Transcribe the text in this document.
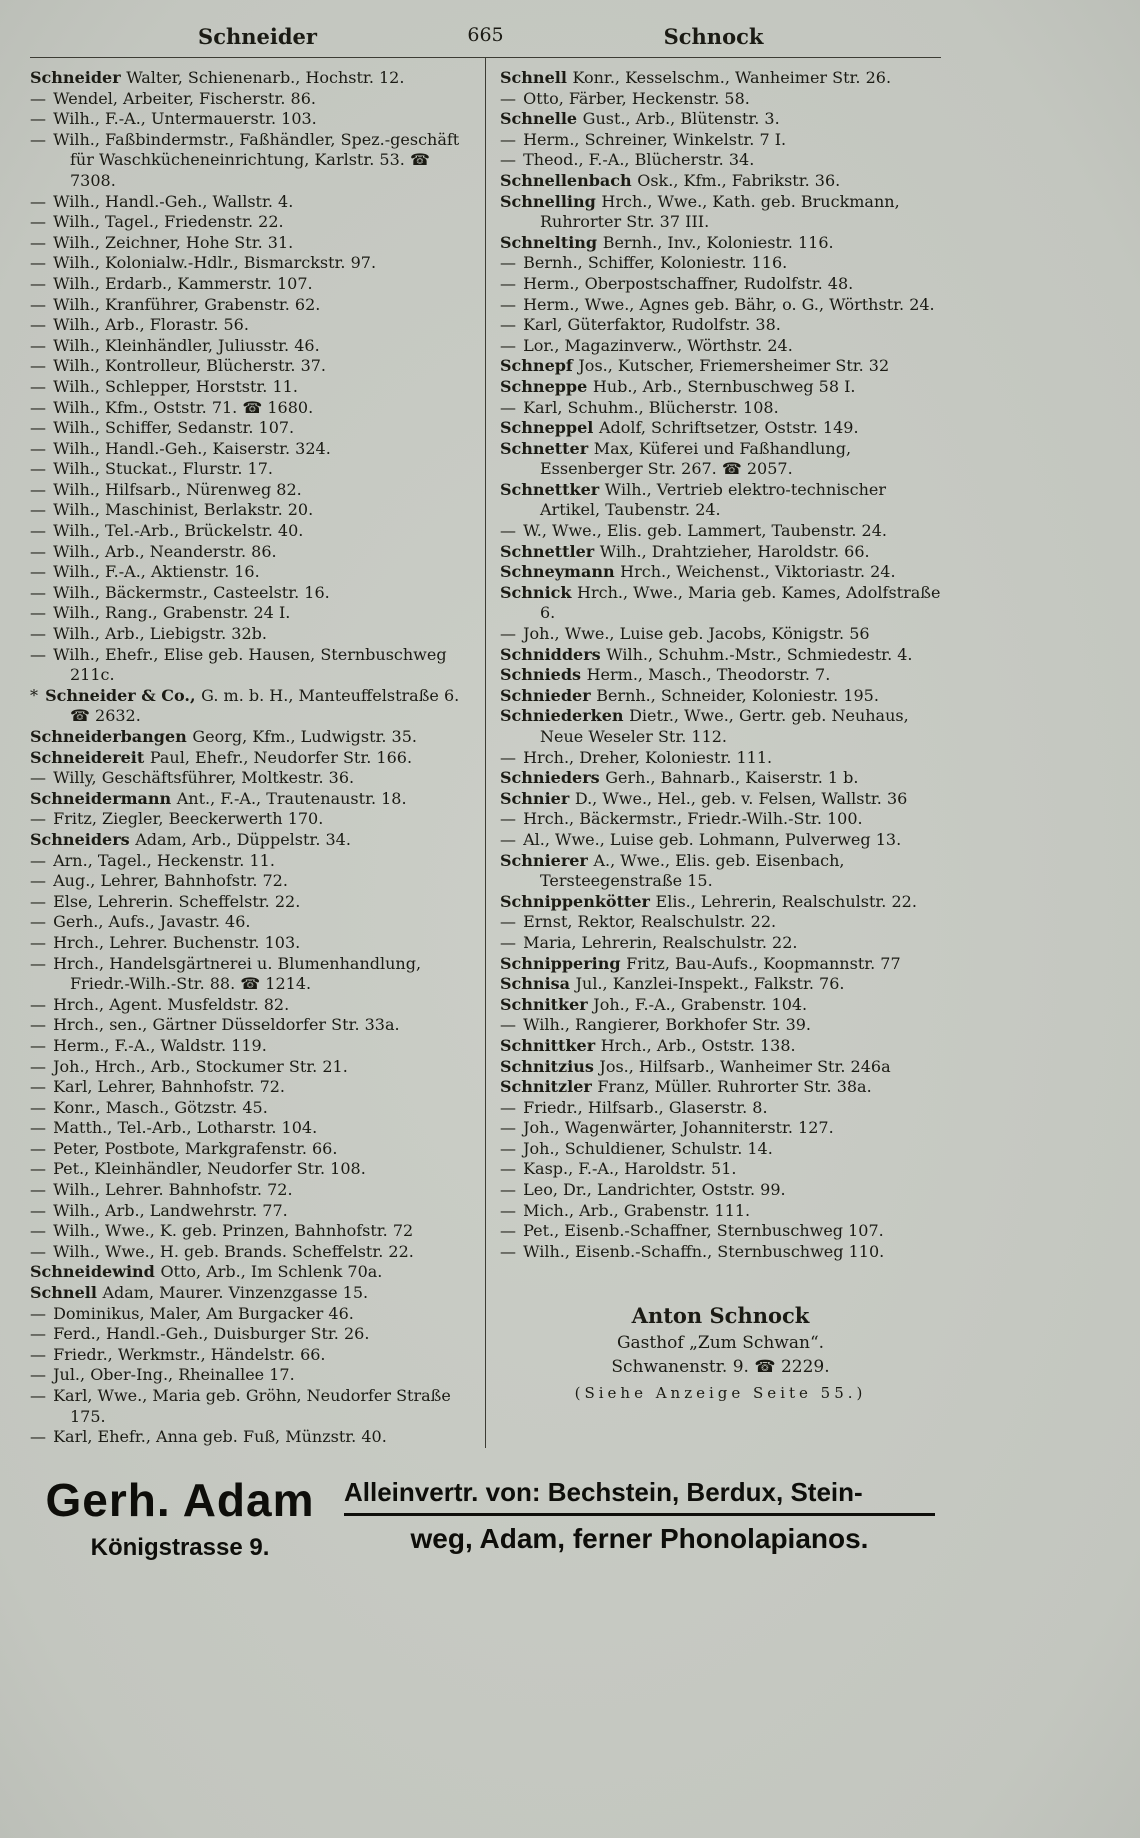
Schneider	665	Schnock
Schneider Walter, Schienenarb., Hochstr. 12.
— Wendel, Arbeiter, Fischerstr. 86.
— Wilh., F.-A., Untermauerstr. 103.
— Wilh., Faßbindermstr., Faßhändler, Spez.-geschäft für Waschkücheneinrichtung, Karlstr. 53. ☎ 7308.
— Wilh., Handl.-Geh., Wallstr. 4.
— Wilh., Tagel., Friedenstr. 22.
— Wilh., Zeichner, Hohe Str. 31.
— Wilh., Kolonialw.-Hdlr., Bismarckstr. 97.
— Wilh., Erdarb., Kammerstr. 107.
— Wilh., Kranführer, Grabenstr. 62.
— Wilh., Arb., Florastr. 56.
— Wilh., Kleinhändler, Juliusstr. 46.
— Wilh., Kontrolleur, Blücherstr. 37.
— Wilh., Schlepper, Horststr. 11.
— Wilh., Kfm., Oststr. 71. ☎ 1680.
— Wilh., Schiffer, Sedanstr. 107.
— Wilh., Handl.-Geh., Kaiserstr. 324.
— Wilh., Stuckat., Flurstr. 17.
— Wilh., Hilfsarb., Nürenweg 82.
— Wilh., Maschinist, Berlakstr. 20.
— Wilh., Tel.-Arb., Brückelstr. 40.
— Wilh., Arb., Neanderstr. 86.
— Wilh., F.-A., Aktienstr. 16.
— Wilh., Bäckermstr., Casteelstr. 16.
— Wilh., Rang., Grabenstr. 24 I.
— Wilh., Arb., Liebigstr. 32b.
— Wilh., Ehefr., Elise geb. Hausen, Sternbuschweg 211c.
* Schneider & Co., G. m. b. H., Manteuffelstraße 6. ☎ 2632.
Schneiderbangen Georg, Kfm., Ludwigstr. 35.
Schneidereit Paul, Ehefr., Neudorfer Str. 166.
— Willy, Geschäftsführer, Moltkestr. 36.
Schneidermann Ant., F.-A., Trautenaustr. 18.
— Fritz, Ziegler, Beeckerwerth 170.
Schneiders Adam, Arb., Düppelstr. 34.
— Arn., Tagel., Heckenstr. 11.
— Aug., Lehrer, Bahnhofstr. 72.
— Else, Lehrerin. Scheffelstr. 22.
— Gerh., Aufs., Javastr. 46.
— Hrch., Lehrer. Buchenstr. 103.
— Hrch., Handelsgärtnerei u. Blumenhandlung, Friedr.-Wilh.-Str. 88. ☎ 1214.
— Hrch., Agent. Musfeldstr. 82.
— Hrch., sen., Gärtner Düsseldorfer Str. 33a.
— Herm., F.-A., Waldstr. 119.
— Joh., Hrch., Arb., Stockumer Str. 21.
— Karl, Lehrer, Bahnhofstr. 72.
— Konr., Masch., Götzstr. 45.
— Matth., Tel.-Arb., Lotharstr. 104.
— Peter, Postbote, Markgrafenstr. 66.
— Pet., Kleinhändler, Neudorfer Str. 108.
— Wilh., Lehrer. Bahnhofstr. 72.
— Wilh., Arb., Landwehrstr. 77.
— Wilh., Wwe., K. geb. Prinzen, Bahnhofstr. 72
— Wilh., Wwe., H. geb. Brands. Scheffelstr. 22.
Schneidewind Otto, Arb., Im Schlenk 70a.
Schnell Adam, Maurer. Vinzenzgasse 15.
— Dominikus, Maler, Am Burgacker 46.
— Ferd., Handl.-Geh., Duisburger Str. 26.
— Friedr., Werkmstr., Händelstr. 66.
— Jul., Ober-Ing., Rheinallee 17.
— Karl, Wwe., Maria geb. Gröhn, Neudorfer Straße 175.
— Karl, Ehefr., Anna geb. Fuß, Münzstr. 40.
Schnell Konr., Kesselschm., Wanheimer Str. 26.
— Otto, Färber, Heckenstr. 58.
Schnelle Gust., Arb., Blütenstr. 3.
— Herm., Schreiner, Winkelstr. 7 I.
— Theod., F.-A., Blücherstr. 34.
Schnellenbach Osk., Kfm., Fabrikstr. 36.
Schnelling Hrch., Wwe., Kath. geb. Bruckmann, Ruhrorter Str. 37 III.
Schnelting Bernh., Inv., Koloniestr. 116.
— Bernh., Schiffer, Koloniestr. 116.
— Herm., Oberpostschaffner, Rudolfstr. 48.
— Herm., Wwe., Agnes geb. Bähr, o. G., Wörthstr. 24.
— Karl, Güterfaktor, Rudolfstr. 38.
— Lor., Magazinverw., Wörthstr. 24.
Schnepf Jos., Kutscher, Friemersheimer Str. 32
Schneppe Hub., Arb., Sternbuschweg 58 I.
— Karl, Schuhm., Blücherstr. 108.
Schneppel Adolf, Schriftsetzer, Oststr. 149.
Schnetter Max, Küferei und Faßhandlung, Essenberger Str. 267. ☎ 2057.
Schnettker Wilh., Vertrieb elektro-technischer Artikel, Taubenstr. 24.
— W., Wwe., Elis. geb. Lammert, Taubenstr. 24.
Schnettler Wilh., Drahtzieher, Haroldstr. 66.
Schneymann Hrch., Weichenst., Viktoriastr. 24.
Schnick Hrch., Wwe., Maria geb. Kames, Adolfstraße 6.
— Joh., Wwe., Luise geb. Jacobs, Königstr. 56
Schnidders Wilh., Schuhm.-Mstr., Schmiedestr. 4.
Schnieds Herm., Masch., Theodorstr. 7.
Schnieder Bernh., Schneider, Koloniestr. 195.
Schniederken Dietr., Wwe., Gertr. geb. Neuhaus, Neue Weseler Str. 112.
— Hrch., Dreher, Koloniestr. 111.
Schnieders Gerh., Bahnarb., Kaiserstr. 1 b.
Schnier D., Wwe., Hel., geb. v. Felsen, Wallstr. 36
— Hrch., Bäckermstr., Friedr.-Wilh.-Str. 100.
— Al., Wwe., Luise geb. Lohmann, Pulverweg 13.
Schnierer A., Wwe., Elis. geb. Eisenbach, Tersteegenstraße 15.
Schnippenkötter Elis., Lehrerin, Realschulstr. 22.
— Ernst, Rektor, Realschulstr. 22.
— Maria, Lehrerin, Realschulstr. 22.
Schnippering Fritz, Bau-Aufs., Koopmannstr. 77
Schnisa Jul., Kanzlei-Inspekt., Falkstr. 76.
Schnitker Joh., F.-A., Grabenstr. 104.
— Wilh., Rangierer, Borkhofer Str. 39.
Schnittker Hrch., Arb., Oststr. 138.
Schnitzius Jos., Hilfsarb., Wanheimer Str. 246a
Schnitzler Franz, Müller. Ruhrorter Str. 38a.
— Friedr., Hilfsarb., Glaserstr. 8.
— Joh., Wagenwärter, Johanniterstr. 127.
— Joh., Schuldiener, Schulstr. 14.
— Kasp., F.-A., Haroldstr. 51.
— Leo, Dr., Landrichter, Oststr. 99.
— Mich., Arb., Grabenstr. 111.
— Pet., Eisenb.-Schaffner, Sternbuschweg 107.
— Wilh., Eisenb.-Schaffn., Sternbuschweg 110.
Anton Schnock
Gasthof „Zum Schwan“.
Schwanenstr. 9. ☎ 2229.
(Siehe Anzeige Seite 55.)
Gerh. Adam
Königstrasse 9.
Alleinvertr. von: Bechstein, Berdux, Stein-
weg, Adam, ferner Phonolapianos.
